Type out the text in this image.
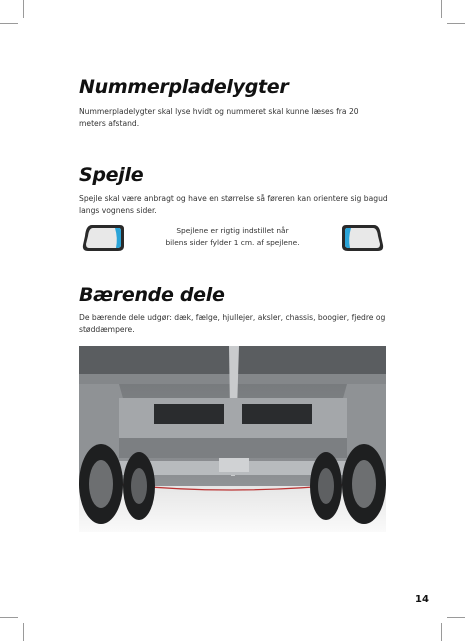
Nummerpladelygter

Nummerpladelygter skal lyse hvidt og nummeret skal kunne læses fra 20 meters afstand.

Spejle

Spejle skal være anbragt og have en størrelse så føreren kan orientere sig bagud langs vognens sider.

Spejlene er rigtig indstillet når
bilens sider fylder 1 cm. af spejlene.

Bærende dele

De bærende dele udgør: dæk, fælge, hjullejer, aksler, chassis, boogier, fjedre og støddæmpere.

14
